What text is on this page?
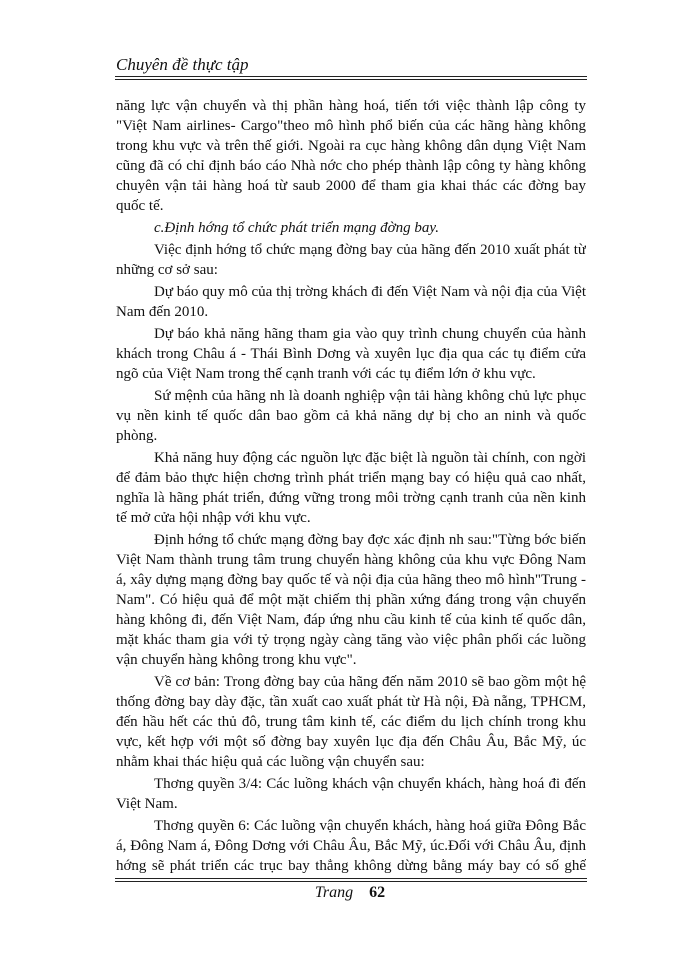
Chuyên đề thực tập

năng lực vận chuyển và thị phần hàng hoá, tiến tới việc thành lập công ty "Việt Nam airlines- Cargo"theo mô hình phổ biến của các hãng hàng không trong khu vực và trên thế giới. Ngoài ra cục hàng không dân dụng Việt Nam cũng đã có chỉ định báo cáo Nhà nớc cho phép thành lập công ty hàng không chuyên vận tải hàng hoá từ saub 2000 để tham gia khai thác các đờng bay quốc tế.

c.Định hớng tổ chức phát triển mạng đờng bay.

Việc định hớng tổ chức mạng đờng bay của hãng đến 2010 xuất phát từ những cơ sở sau:

Dự báo quy mô của thị trờng khách đi đến Việt Nam và nội địa của Việt Nam đến 2010.

Dự báo khả năng hãng tham gia vào quy trình chung chuyển của hành khách trong Châu á - Thái Bình Dơng và xuyên lục địa qua các tụ điểm cửa ngõ của Việt Nam trong thế cạnh tranh với các tụ điểm lớn ở khu vực.

Sứ mệnh của hãng nh là doanh nghiệp vận tải hàng không chủ lực phục vụ nền kinh tế quốc dân bao gồm cả khả năng dự bị cho an ninh và quốc phòng.

Khả năng huy động các nguồn lực đặc biệt là nguồn tài chính, con ngời để đảm bảo thực hiện chơng trình phát triển mạng bay có hiệu quả cao nhất, nghĩa là hãng phát triển, đứng vững trong môi trờng cạnh tranh của nền kinh tế mở cửa hội nhập với khu vực.

Định hớng tổ chức mạng đờng bay đợc xác định nh sau:"Từng bớc biến Việt Nam thành trung tâm trung chuyển hàng không của khu vực Đông Nam á, xây dựng mạng đờng bay quốc tế và nội địa của hãng theo mô hình"Trung - Nam". Có hiệu quả để một mặt chiếm thị phần xứng đáng trong vận chuyển hàng không đi, đến Việt Nam, đáp ứng nhu cầu kinh tế của kinh tế quốc dân, mặt khác tham gia với tỷ trọng ngày càng tăng vào việc phân phối các luồng vận chuyển hàng không trong khu vực".

Về cơ bản: Trong đờng bay của hãng đến năm 2010 sẽ bao gồm một hệ thống đờng bay dày đặc, tần xuất cao xuất phát từ Hà nội, Đà nẵng, TPHCM, đến hầu hết các thủ đô, trung tâm kinh tế, các điểm du lịch chính trong khu vực, kết hợp với một số đờng bay xuyên lục địa đến Châu Âu, Bắc Mỹ, úc nhằm khai thác hiệu quả các luồng vận chuyển sau:

Thơng quyền 3/4: Các luồng khách vận chuyển khách, hàng hoá đi đến Việt Nam.

Thơng quyền 6: Các luồng vận chuyển khách, hàng hoá giữa Đông Bắc á, Đông Nam á, Đông Dơng với Châu Âu, Bắc Mỹ, úc.Đối với Châu Âu, định hớng sẽ phát triển các trục bay thẳng không dừng bằng máy bay có số ghế

Trang 62
